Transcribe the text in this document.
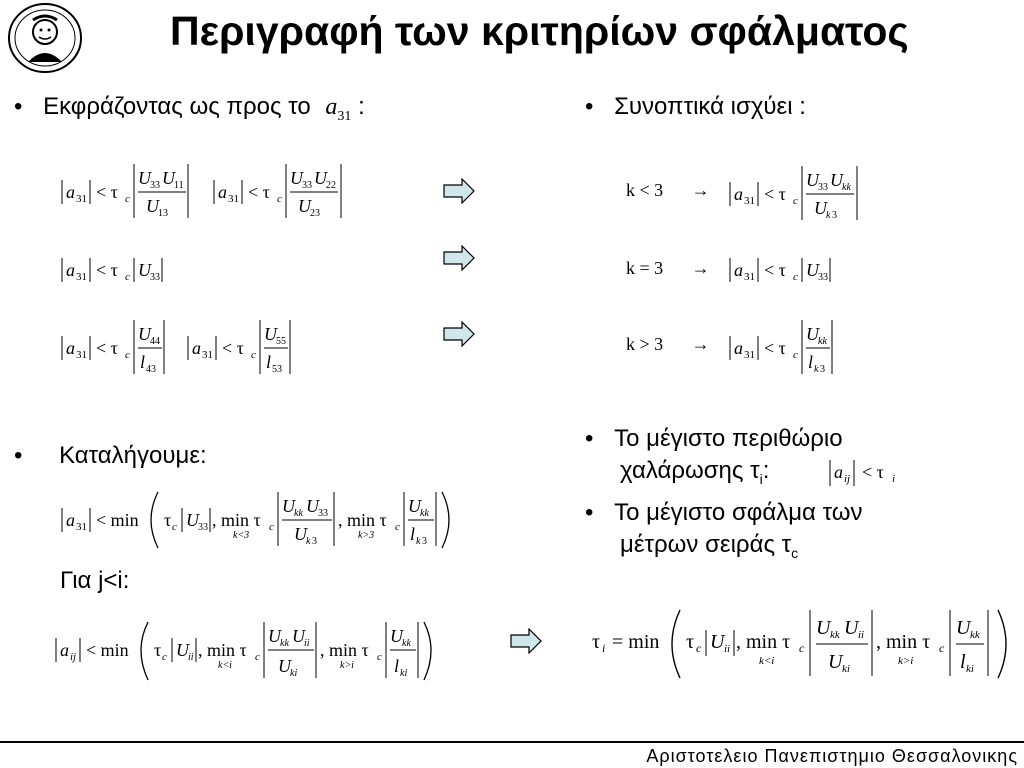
Περιγραφή των κριτηρίων σφάλματος
• Εκφράζοντας ως προς το $a_{31}$ :
a 31 < τ c
U 33 U 11
U 13
a 31 < τ c
U 33 U 22
U 23
a 31 < τ c U 33
a 31 < τ c
U 44
l 43
a 31 < τ c
U 55
l 53
• Καταλήγουμε:
a 31 < min τ c U 33 , min τ c
k<3
U kk U 33
U k 3
, min τ c
k>3
U kk
l k 3
Για j<i:
a ij < min τ c U ii , min τ c
k<i
U kk U ii
U ki
, min τ c
k>i
U kk
l ki
• Συνοπτικά ισχύει :
k < 3 → a 31 < τ c
U 33 U kk
U k 3
k = 3 → a 31 < τ c U 33
k > 3 → a 31 < τ c
U kk
l k 3
• Το μέγιστο περιθώριο
χαλάρωσης $\tau_i$:	a ij < τ i
• Το μέγιστο σφάλμα των
μέτρων σειράς $\tau_c$
τ i = min τ c U ii , min τ c
k<i
U kk U ii
U ki
, min τ c
k>i
U kk
l ki
Αριστοτελειο Πανεπιστημιο Θεσσαλονικης
